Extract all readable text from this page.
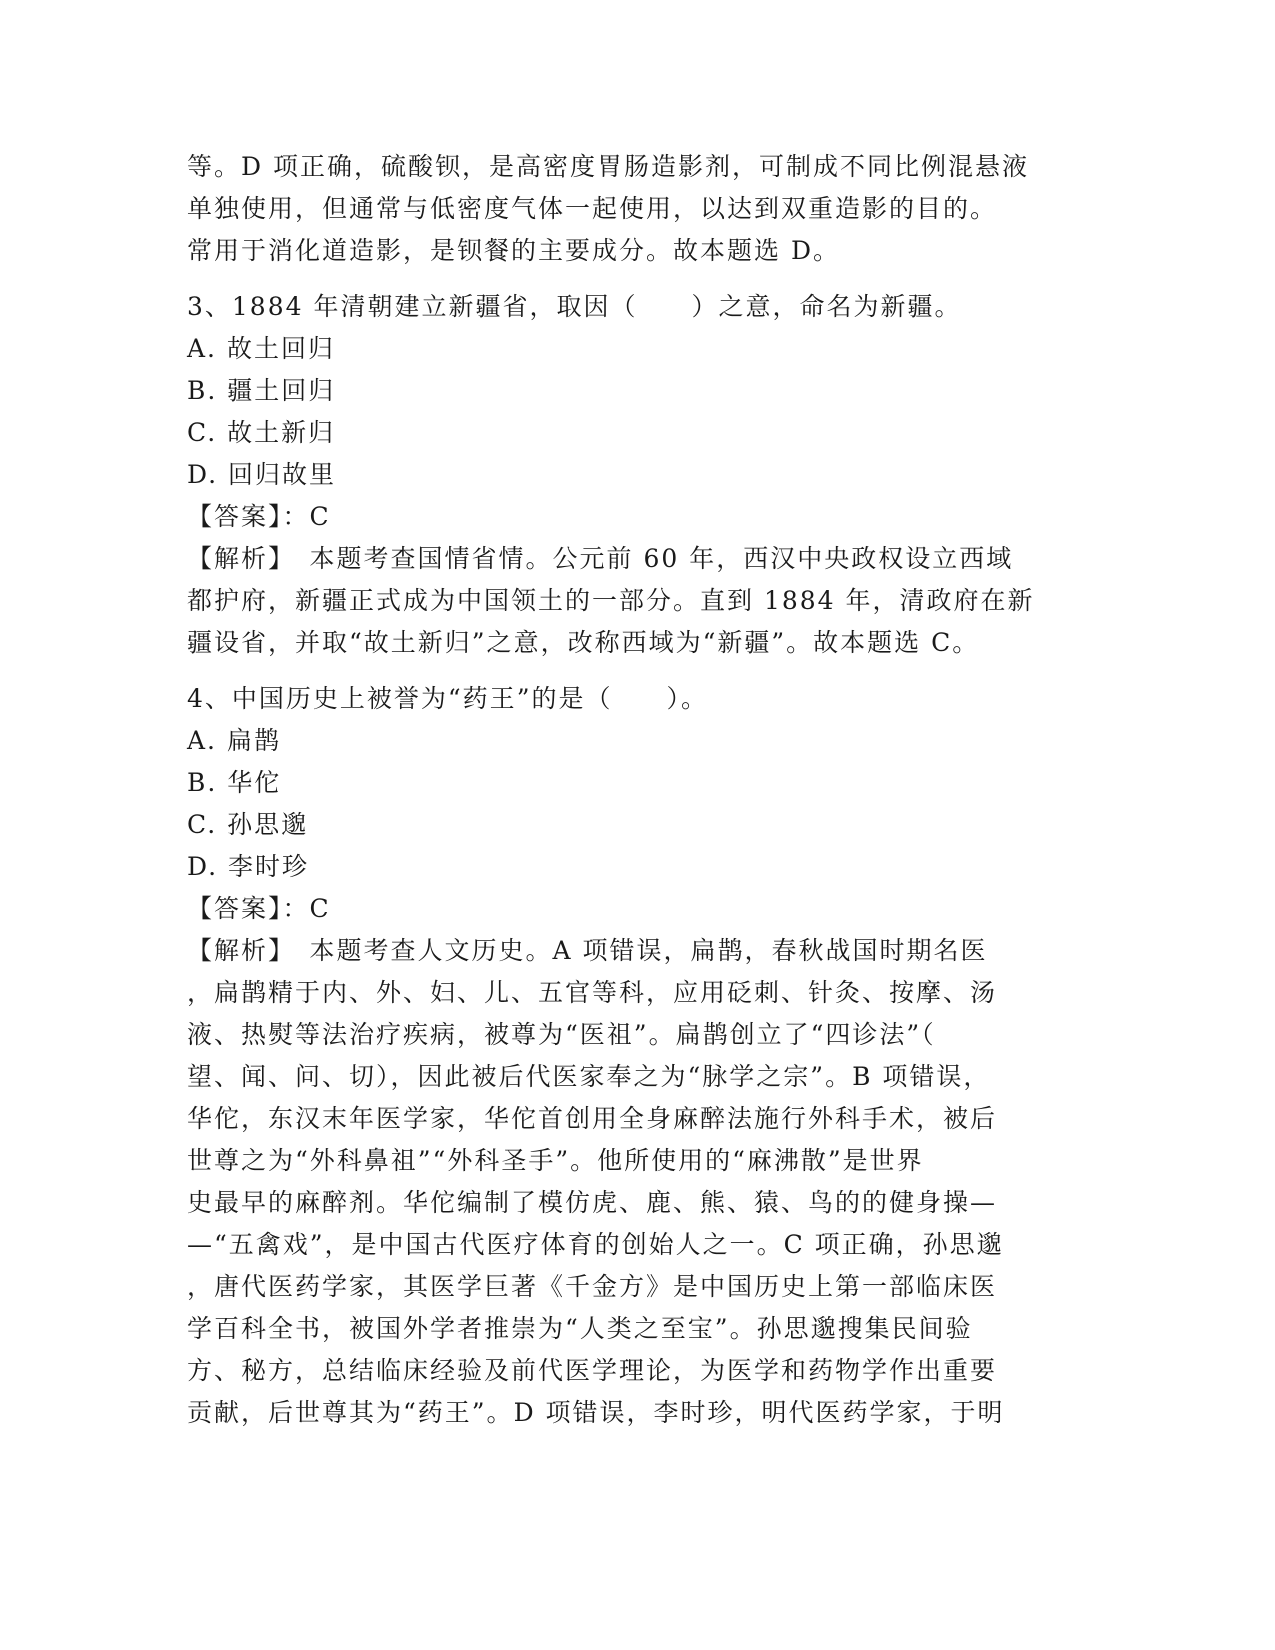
等。D 项正确，硫酸钡，是高密度胃肠造影剂，可制成不同比例混悬液
单独使用，但通常与低密度气体一起使用，以达到双重造影的目的。
常用于消化道造影，是钡餐的主要成分。故本题选 D。
3、1884 年清朝建立新疆省，取因（　　）之意，命名为新疆。
A. 故土回归
B. 疆土回归
C. 故土新归
D. 回归故里
【答案】：C
【解析】　本题考查国情省情。公元前 60 年，西汉中央政权设立西域
都护府，新疆正式成为中国领土的一部分。直到 1884 年，清政府在新
疆设省，并取“故土新归”之意，改称西域为“新疆”。故本题选 C。
4、中国历史上被誉为“药王”的是（　　）。
A. 扁鹊
B. 华佗
C. 孙思邈
D. 李时珍
【答案】：C
【解析】　本题考查人文历史。A 项错误，扁鹊，春秋战国时期名医
，扁鹊精于内、外、妇、儿、五官等科，应用砭刺、针灸、按摩、汤
液、热熨等法治疗疾病，被尊为“医祖”。扁鹊创立了“四诊法”（
望、闻、问、切），因此被后代医家奉之为“脉学之宗”。B 项错误，
华佗，东汉末年医学家，华佗首创用全身麻醉法施行外科手术，被后
世尊之为“外科鼻祖”“外科圣手”。他所使用的“麻沸散”是世界
史最早的麻醉剂。华佗编制了模仿虎、鹿、熊、猿、鸟的的健身操—
—“五禽戏”，是中国古代医疗体育的创始人之一。C 项正确，孙思邈
，唐代医药学家，其医学巨著《千金方》是中国历史上第一部临床医
学百科全书，被国外学者推崇为“人类之至宝”。孙思邈搜集民间验
方、秘方，总结临床经验及前代医学理论，为医学和药物学作出重要
贡献，后世尊其为“药王”。D 项错误，李时珍，明代医药学家，于明
